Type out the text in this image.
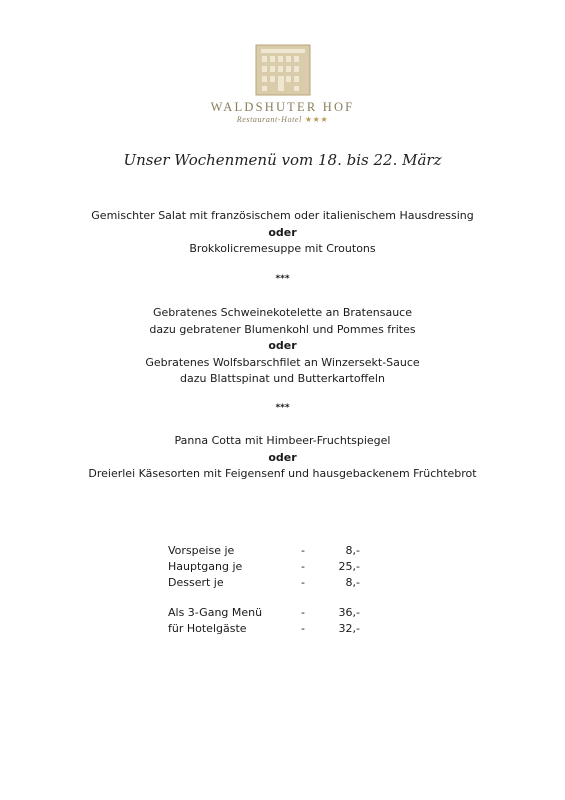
WALDSHUTER HOF
Restaurant-Hotel ★★★
Unser Wochenmenü vom 18. bis 22. März
Gemischter Salat mit französischem oder italienischem Hausdressing
oder
Brokkolicremesuppe mit Croutons
***
Gebratenes Schweinekotelette an Bratensauce
dazu gebratener Blumenkohl und Pommes frites
oder
Gebratenes Wolfsbarschfilet an Winzersekt-Sauce
dazu Blattspinat und Butterkartoffeln
***
Panna Cotta mit Himbeer-Fruchtspiegel
oder
Dreierlei Käsesorten mit Feigensenf und hausgebackenem Früchtebrot
Vorspeise je	-	8,-
Hauptgang je	-	25,-
Dessert je	-	8,-
Als 3-Gang Menü	-	36,-
für Hotelgäste	-	32,-
